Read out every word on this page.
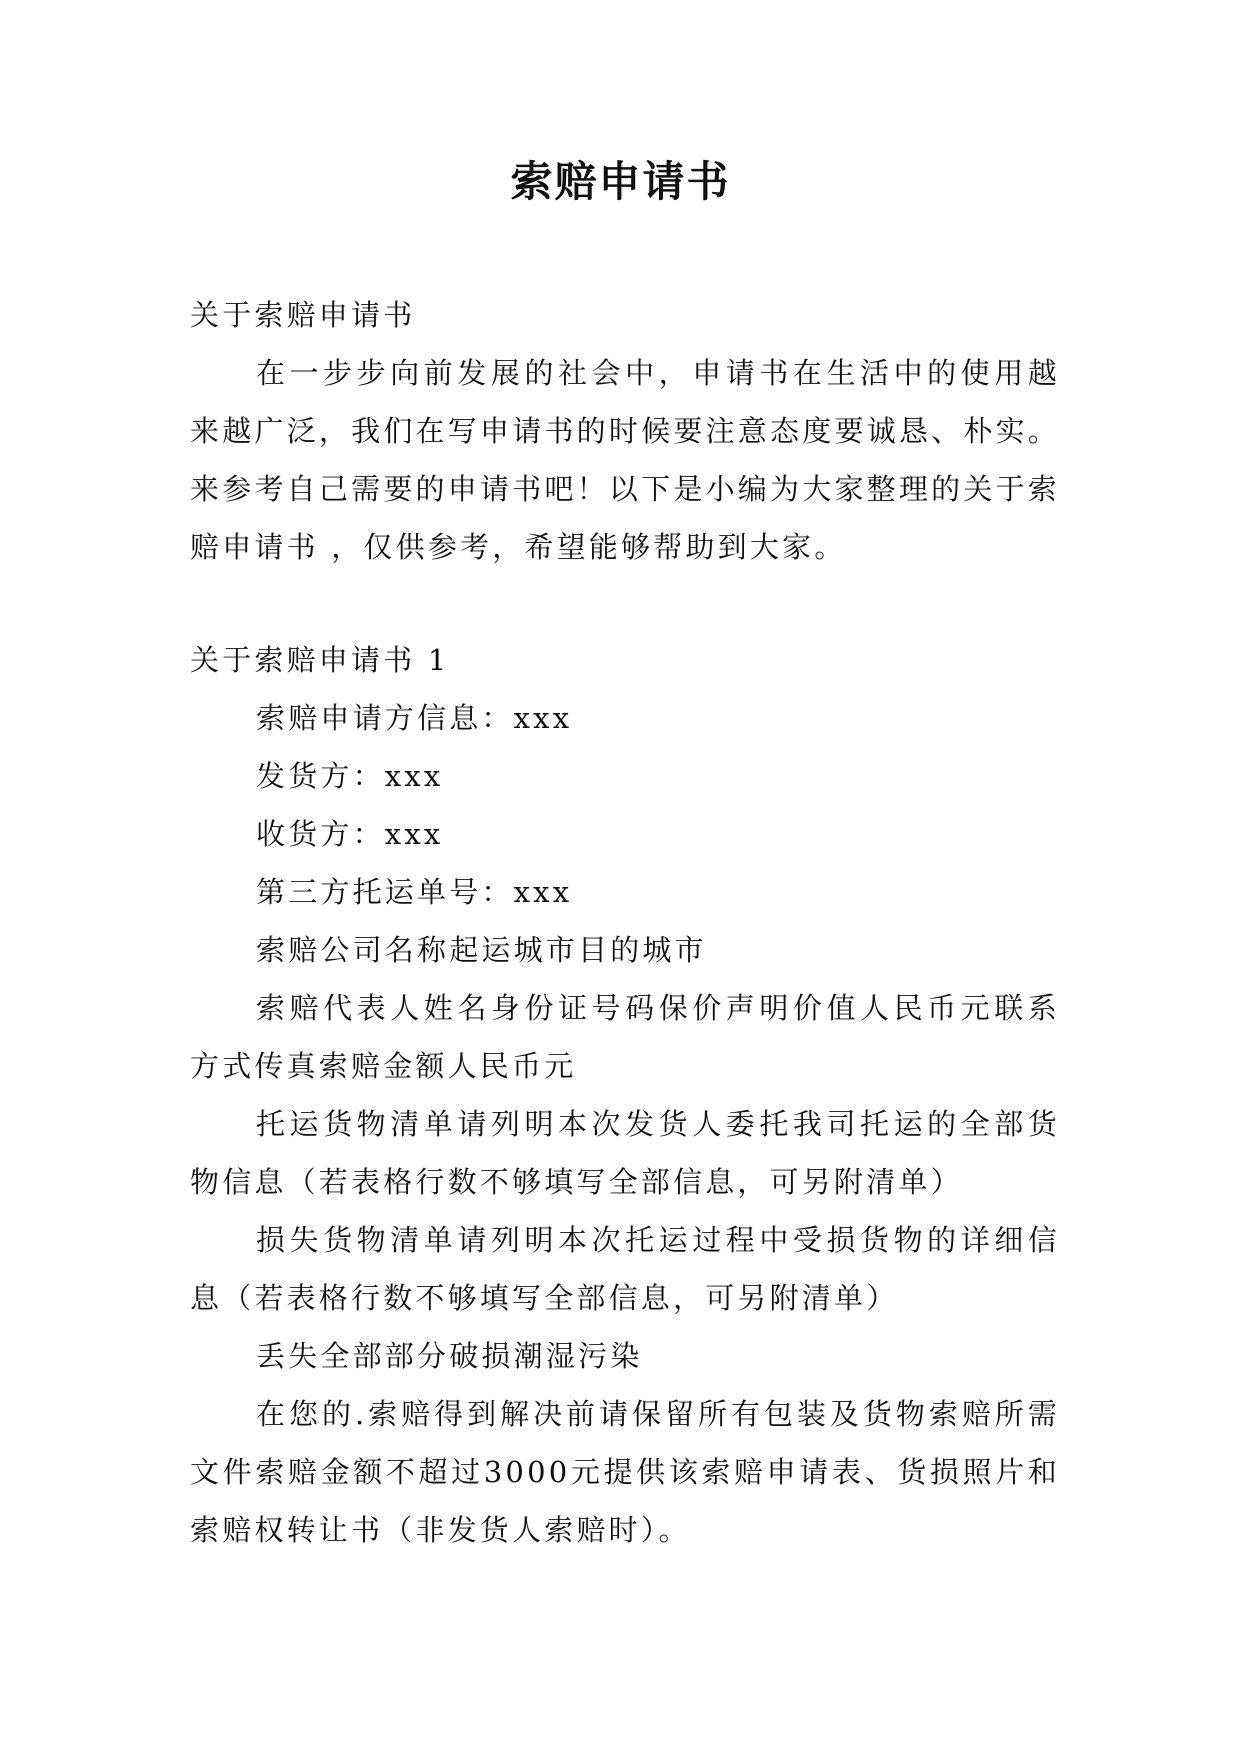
索赔申请书

关于索赔申请书

在一步步向前发展的社会中，申请书在生活中的使用越来越广泛，我们在写申请书的时候要注意态度要诚恳、朴实。来参考自己需要的申请书吧！以下是小编为大家整理的关于索赔申请书 ，仅供参考，希望能够帮助到大家。

关于索赔申请书 1

索赔申请方信息：xxx

发货方：xxx

收货方：xxx

第三方托运单号：xxx

索赔公司名称起运城市目的城市

索赔代表人姓名身份证号码保价声明价值人民币元联系方式传真索赔金额人民币元

托运货物清单请列明本次发货人委托我司托运的全部货物信息（若表格行数不够填写全部信息，可另附清单）

损失货物清单请列明本次托运过程中受损货物的详细信息（若表格行数不够填写全部信息，可另附清单）

丢失全部部分破损潮湿污染

在您的.索赔得到解决前请保留所有包装及货物索赔所需文件索赔金额不超过3000元提供该索赔申请表、货损照片和索赔权转让书（非发货人索赔时）。
